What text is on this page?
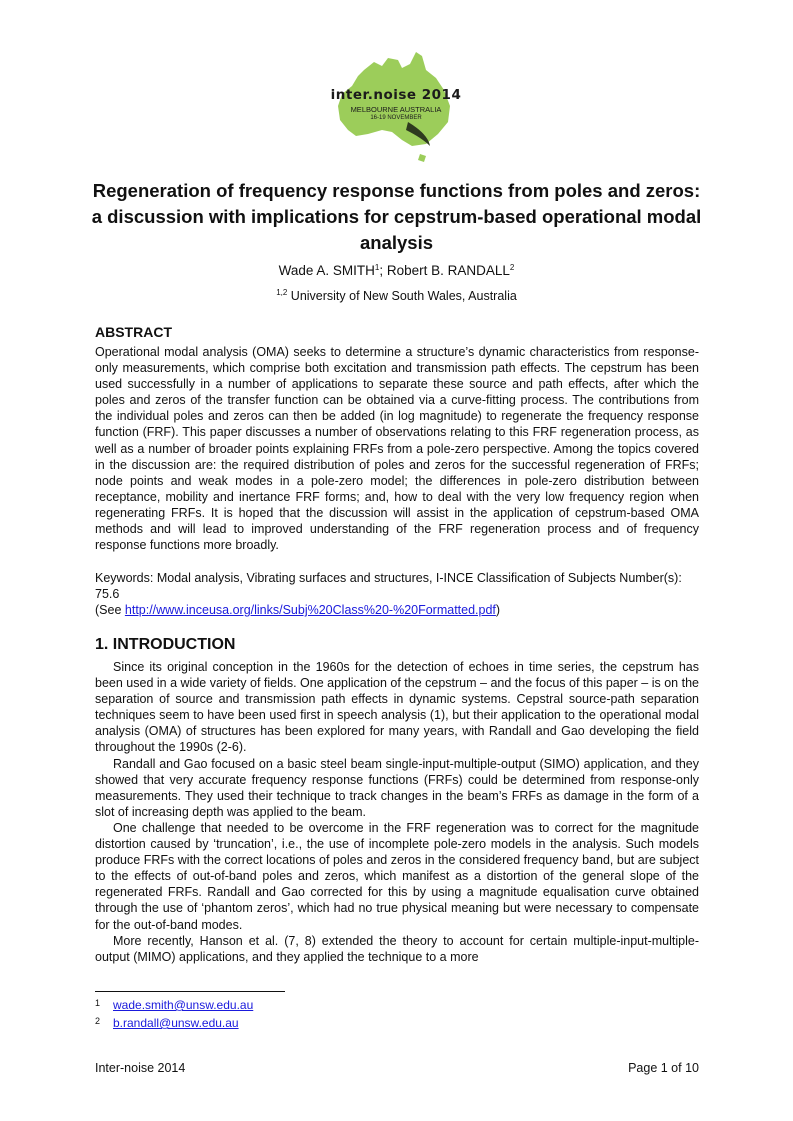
inter.noise 2014
MELBOURNE AUSTRALIA
16-19 NOVEMBER
Regeneration of frequency response functions from poles and zeros: a discussion with implications for cepstrum-based operational modal analysis
Wade A. SMITH$^1$; Robert B. RANDALL$^2$
$^{1,2}$ University of New South Wales, Australia
ABSTRACT

Operational modal analysis (OMA) seeks to determine a structure’s dynamic characteristics from response-only measurements, which comprise both excitation and transmission path effects. The cepstrum has been used successfully in a number of applications to separate these source and path effects, after which the poles and zeros of the transfer function can be obtained via a curve-fitting process. The contributions from the individual poles and zeros can then be added (in log magnitude) to regenerate the frequency response function (FRF). This paper discusses a number of observations relating to this FRF regeneration process, as well as a number of broader points explaining FRFs from a pole-zero perspective. Among the topics covered in the discussion are: the required distribution of poles and zeros for the successful regeneration of FRFs; node points and weak modes in a pole-zero model; the differences in pole-zero distribution between receptance, mobility and inertance FRF forms; and, how to deal with the very low frequency region when regenerating FRFs. It is hoped that the discussion will assist in the application of cepstrum-based OMA methods and will lead to improved understanding of the FRF regeneration process and of frequency response functions more broadly.

Keywords: Modal analysis, Vibrating surfaces and structures, I-INCE Classification of Subjects Number(s):
75.6
(See http://www.inceusa.org/links/Subj%20Class%20-%20Formatted.pdf)
1. INTRODUCTION

Since its original conception in the 1960s for the detection of echoes in time series, the cepstrum has been used in a wide variety of fields. One application of the cepstrum – and the focus of this paper – is on the separation of source and transmission path effects in dynamic systems. Cepstral source-path separation techniques seem to have been used first in speech analysis (1), but their application to the operational modal analysis (OMA) of structures has been explored for many years, with Randall and Gao developing the field throughout the 1990s (2-6).

Randall and Gao focused on a basic steel beam single-input-multiple-output (SIMO) application, and they showed that very accurate frequency response functions (FRFs) could be determined from response-only measurements. They used their technique to track changes in the beam’s FRFs as damage in the form of a slot of increasing depth was applied to the beam.

One challenge that needed to be overcome in the FRF regeneration was to correct for the magnitude distortion caused by ‘truncation’, i.e., the use of incomplete pole-zero models in the analysis. Such models produce FRFs with the correct locations of poles and zeros in the considered frequency band, but are subject to the effects of out-of-band poles and zeros, which manifest as a distortion of the general slope of the regenerated FRFs. Randall and Gao corrected for this by using a magnitude equalisation curve obtained through the use of ‘phantom zeros’, which had no true physical meaning but were necessary to compensate for the out-of-band modes.

More recently, Hanson et al. (7, 8) extended the theory to account for certain multiple-input-multiple-output (MIMO) applications, and they applied the technique to a more

1 wade.smith@unsw.edu.au
2 b.randall@unsw.edu.au
Inter-noise 2014	Page 1 of 10
